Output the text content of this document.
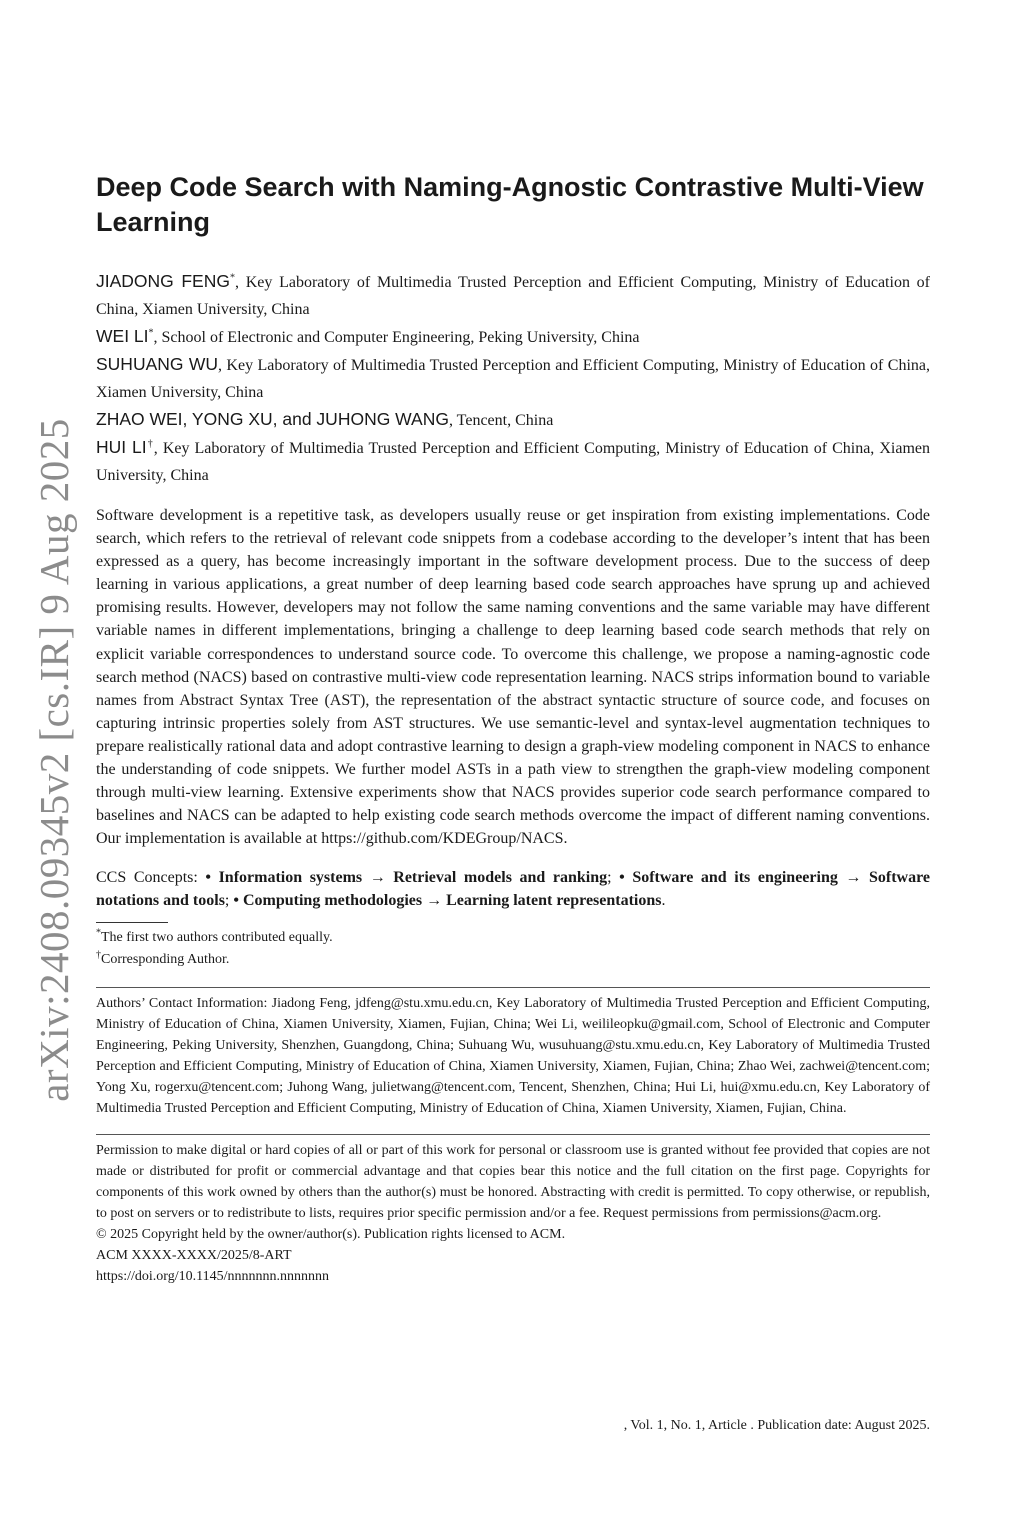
arXiv:2408.09345v2 [cs.IR] 9 Aug 2025
Deep Code Search with Naming-Agnostic Contrastive Multi-View Learning
JIADONG FENG*, Key Laboratory of Multimedia Trusted Perception and Efficient Computing, Ministry of Education of China, Xiamen University, China
WEI LI*, School of Electronic and Computer Engineering, Peking University, China
SUHUANG WU, Key Laboratory of Multimedia Trusted Perception and Efficient Computing, Ministry of Education of China, Xiamen University, China
ZHAO WEI, YONG XU, and JUHONG WANG, Tencent, China
HUI LI†, Key Laboratory of Multimedia Trusted Perception and Efficient Computing, Ministry of Education of China, Xiamen University, China

Software development is a repetitive task, as developers usually reuse or get inspiration from existing implementations. Code search, which refers to the retrieval of relevant code snippets from a codebase according to the developer’s intent that has been expressed as a query, has become increasingly important in the software development process. Due to the success of deep learning in various applications, a great number of deep learning based code search approaches have sprung up and achieved promising results. However, developers may not follow the same naming conventions and the same variable may have different variable names in different implementations, bringing a challenge to deep learning based code search methods that rely on explicit variable correspondences to understand source code. To overcome this challenge, we propose a naming-agnostic code search method (NACS) based on contrastive multi-view code representation learning. NACS strips information bound to variable names from Abstract Syntax Tree (AST), the representation of the abstract syntactic structure of source code, and focuses on capturing intrinsic properties solely from AST structures. We use semantic-level and syntax-level augmentation techniques to prepare realistically rational data and adopt contrastive learning to design a graph-view modeling component in NACS to enhance the understanding of code snippets. We further model ASTs in a path view to strengthen the graph-view modeling component through multi-view learning. Extensive experiments show that NACS provides superior code search performance compared to baselines and NACS can be adapted to help existing code search methods overcome the impact of different naming conventions. Our implementation is available at https://github.com/KDEGroup/NACS.

CCS Concepts: • Information systems → Retrieval models and ranking; • Software and its engineering → Software notations and tools; • Computing methodologies → Learning latent representations.

*The first two authors contributed equally.
†Corresponding Author.

Authors’ Contact Information: Jiadong Feng, jdfeng@stu.xmu.edu.cn, Key Laboratory of Multimedia Trusted Perception and Efficient Computing, Ministry of Education of China, Xiamen University, Xiamen, Fujian, China; Wei Li, weilileopku@gmail.com, School of Electronic and Computer Engineering, Peking University, Shenzhen, Guangdong, China; Suhuang Wu, wusuhuang@stu.xmu.edu.cn, Key Laboratory of Multimedia Trusted Perception and Efficient Computing, Ministry of Education of China, Xiamen University, Xiamen, Fujian, China; Zhao Wei, zachwei@tencent.com; Yong Xu, rogerxu@tencent.com; Juhong Wang, julietwang@tencent.com, Tencent, Shenzhen, China; Hui Li, hui@xmu.edu.cn, Key Laboratory of Multimedia Trusted Perception and Efficient Computing, Ministry of Education of China, Xiamen University, Xiamen, Fujian, China.

Permission to make digital or hard copies of all or part of this work for personal or classroom use is granted without fee provided that copies are not made or distributed for profit or commercial advantage and that copies bear this notice and the full citation on the first page. Copyrights for components of this work owned by others than the author(s) must be honored. Abstracting with credit is permitted. To copy otherwise, or republish, to post on servers or to redistribute to lists, requires prior specific permission and/or a fee. Request permissions from permissions@acm.org.
© 2025 Copyright held by the owner/author(s). Publication rights licensed to ACM.
ACM XXXX-XXXX/2025/8-ART
https://doi.org/10.1145/nnnnnnn.nnnnnnn
, Vol. 1, No. 1, Article . Publication date: August 2025.
